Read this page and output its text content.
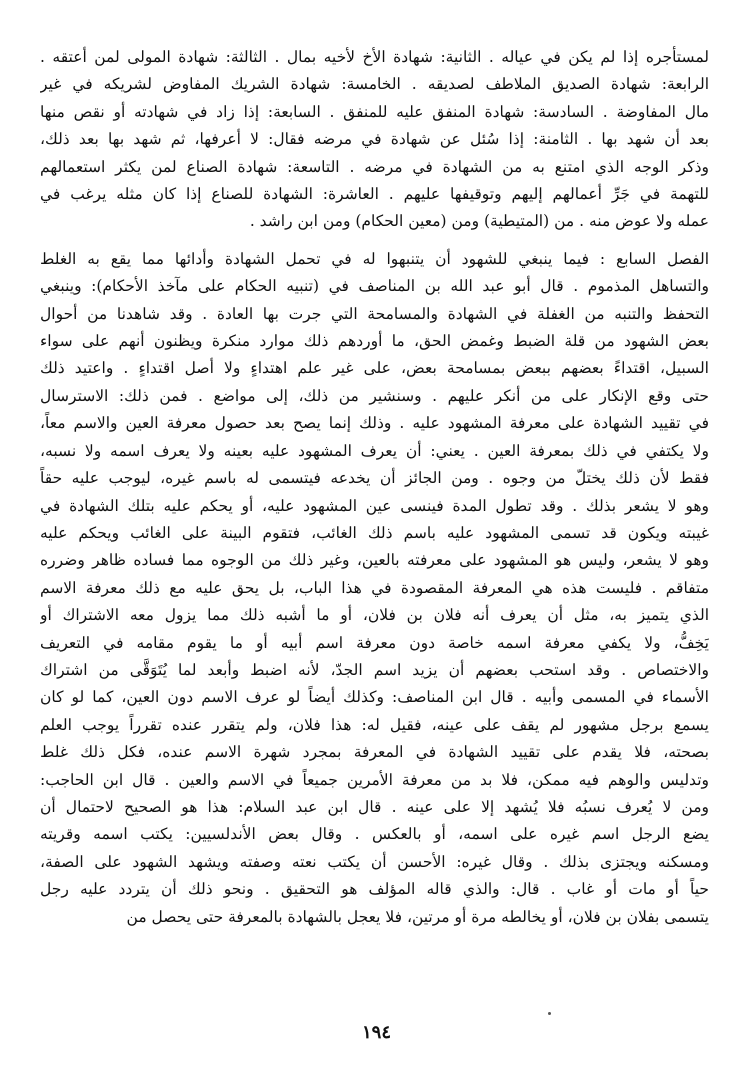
لمستأجره إذا لم يكن في عياله . الثانية: شهادة الأخ لأخيه بمال . الثالثة: شهادة المولى لمن أعتقه .
الرابعة: شهادة الصديق الملاطف لصديقه . الخامسة: شهادة الشريك المفاوض لشريكه في غير
مال المفاوضة . السادسة: شهادة المنفق عليه للمنفق . السابعة: إذا زاد في شهادته أو نقص منها
بعد أن شهد بها . الثامنة: إذا سُئل عن شهادة في مرضه فقال: لا أعرفها، ثم شهد بها بعد ذلك،
وذكر الوجه الذي امتنع به من الشهادة في مرضه . التاسعة: شهادة الصناع لمن يكثر استعمالهم
للتهمة في جَرِّ أعمالهم إليهم وتوقيفها عليهم . العاشرة: الشهادة للصناع إذا كان مثله يرغب في
عمله ولا عوض منه . من (المتيطية) ومن (معين الحكام) ومن ابن راشد .

الفصل السابع : فيما ينبغي للشهود أن يتنبهوا له في تحمل الشهادة وأدائها مما يقع به الغلط
والتساهل المذموم . قال أبو عبد الله بن المناصف في (تنبيه الحكام على مآخذ الأحكام): وينبغي
التحفظ والتنبه من الغفلة في الشهادة والمسامحة التي جرت بها العادة . وقد شاهدنا من أحوال
بعض الشهود من قلة الضبط وغمض الحق، ما أوردهم ذلك موارد منكرة ويظنون أنهم على سواء
السبيل، اقتداءً بعضهم ببعض بمسامحة بعض، على غير علم اهتداءٍ ولا أصل اقتداءٍ . واعتيد ذلك
حتى وقع الإنكار على من أنكر عليهم . وسنشير من ذلك، إلى مواضع . فمن ذلك: الاسترسال
في تقييد الشهادة على معرفة المشهود عليه . وذلك إنما يصح بعد حصول معرفة العين والاسم معاً،
ولا يكتفي في ذلك بمعرفة العين . يعني: أن يعرف المشهود عليه بعينه ولا يعرف اسمه ولا نسبه،
فقط لأن ذلك يختلّ من وجوه . ومن الجائز أن يخدعه فيتسمى له باسم غيره، ليوجب عليه حقاً
وهو لا يشعر بذلك . وقد تطول المدة فينسى عين المشهود عليه، أو يحكم عليه بتلك الشهادة في
غيبته ويكون قد تسمى المشهود عليه باسم ذلك الغائب، فتقوم البينة على الغائب ويحكم عليه
وهو لا يشعر، وليس هو المشهود على معرفته بالعين، وغير ذلك من الوجوه مما فساده ظاهر وضرره
متفاقم . فليست هذه هي المعرفة المقصودة في هذا الباب، بل يحق عليه مع ذلك معرفة الاسم
الذي يتميز به، مثل أن يعرف أنه فلان بن فلان، أو ما أشبه ذلك مما يزول معه الاشتراك أو
يَخِفُّ، ولا يكفي معرفة اسمه خاصة دون معرفة اسم أبيه أو ما يقوم مقامه في التعريف
والاختصاص . وقد استحب بعضهم أن يزيد اسم الجدّ، لأنه اضبط وأبعد لما يُتَوَقَّى من اشتراك
الأسماء في المسمى وأبيه . قال ابن المناصف: وكذلك أيضاً لو عرف الاسم دون العين، كما لو كان
يسمع برجل مشهور لم يقف على عينه، فقيل له: هذا فلان، ولم يتقرر عنده تقرراً يوجب العلم
بصحته، فلا يقدم على تقييد الشهادة في المعرفة بمجرد شهرة الاسم عنده، فكل ذلك غلط
وتدليس والوهم فيه ممكن، فلا بد من معرفة الأمرين جميعاً في الاسم والعين . قال ابن الحاجب:
ومن لا يُعرف نسبُه فلا يُشهد إلا على عينه . قال ابن عبد السلام: هذا هو الصحيح لاحتمال أن
يضع الرجل اسم غيره على اسمه، أو بالعكس . وقال بعض الأندلسيين: يكتب اسمه وقريته
ومسكنه ويجتزى بذلك . وقال غيره: الأحسن أن يكتب نعته وصفته ويشهد الشهود على الصفة،
حياً أو مات أو غاب . قال: والذي قاله المؤلف هو التحقيق . ونحو ذلك أن يتردد عليه رجل
يتسمى بفلان بن فلان، أو يخالطه مرة أو مرتين، فلا يعجل بالشهادة بالمعرفة حتى يحصل من

١٩٤
